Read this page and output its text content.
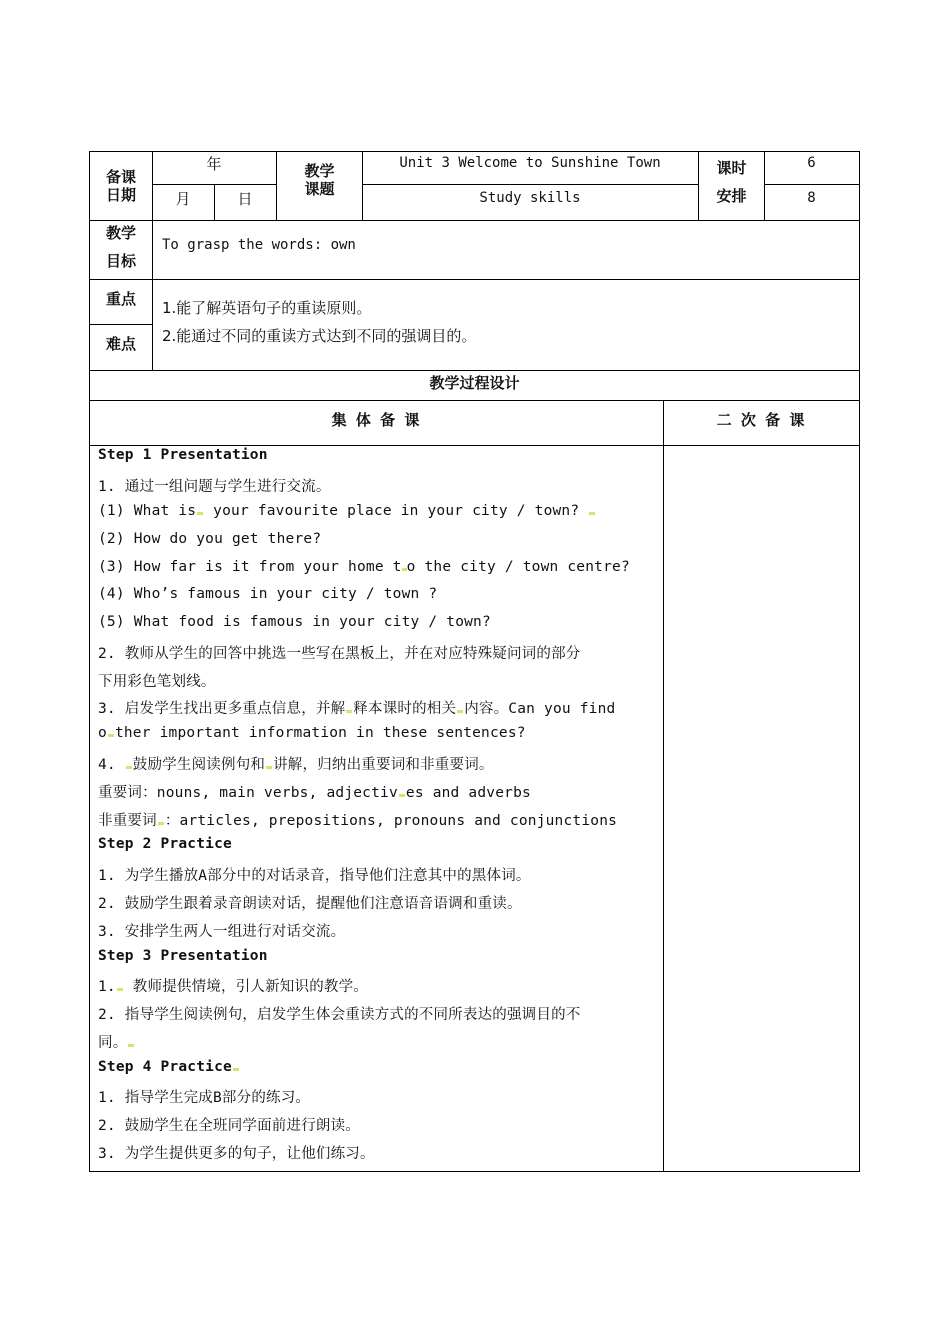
备课
日期
年
月	日
教学
课题
Unit 3 Welcome to Sunshine Town
Study skills
课时
安排
6
8
教学
目标
To grasp the words: own
重点
难点
1.能了解英语句子的重读原则。
2.能通过不同的重读方式达到不同的强调目的。
教学过程设计
集 体 备 课	二 次 备 课
Step 1 Presentation
1. 通过一组问题与学生进行交流。
(1) What is your favourite place in your city / town?
(2) How do you get there?
(3) How far is it from your home t o the city / town centre?
(4) Who’s famous in your city / town ?
(5) What food is famous in your city / town?
2. 教师从学生的回答中挑选一些写在黑板上，并在对应特殊疑问词的部分
下用彩色笔划线。
3. 启发学生找出更多重点信息，并解 释本课时的相关 内容。Can you find
o ther important information in these sentences?
4. 鼓励学生阅读例句和 讲解，归纳出重要词和非重要词。
重要词：nouns, main verbs, adjectiv es and adverbs
非重要词 ：articles, prepositions, pronouns and conjunctions
Step 2 Practice
1. 为学生播放A部分中的对话录音，指导他们注意其中的黑体词。
2. 鼓励学生跟着录音朗读对话，提醒他们注意语音语调和重读。
3. 安排学生两人一组进行对话交流。
Step 3 Presentation
1. 教师提供情境，引人新知识的教学。
2. 指导学生阅读例句，启发学生体会重读方式的不同所表达的强调目的不
同。
Step 4 Practice
1. 指导学生完成B部分的练习。
2. 鼓励学生在全班同学面前进行朗读。
3. 为学生提供更多的句子，让他们练习。
